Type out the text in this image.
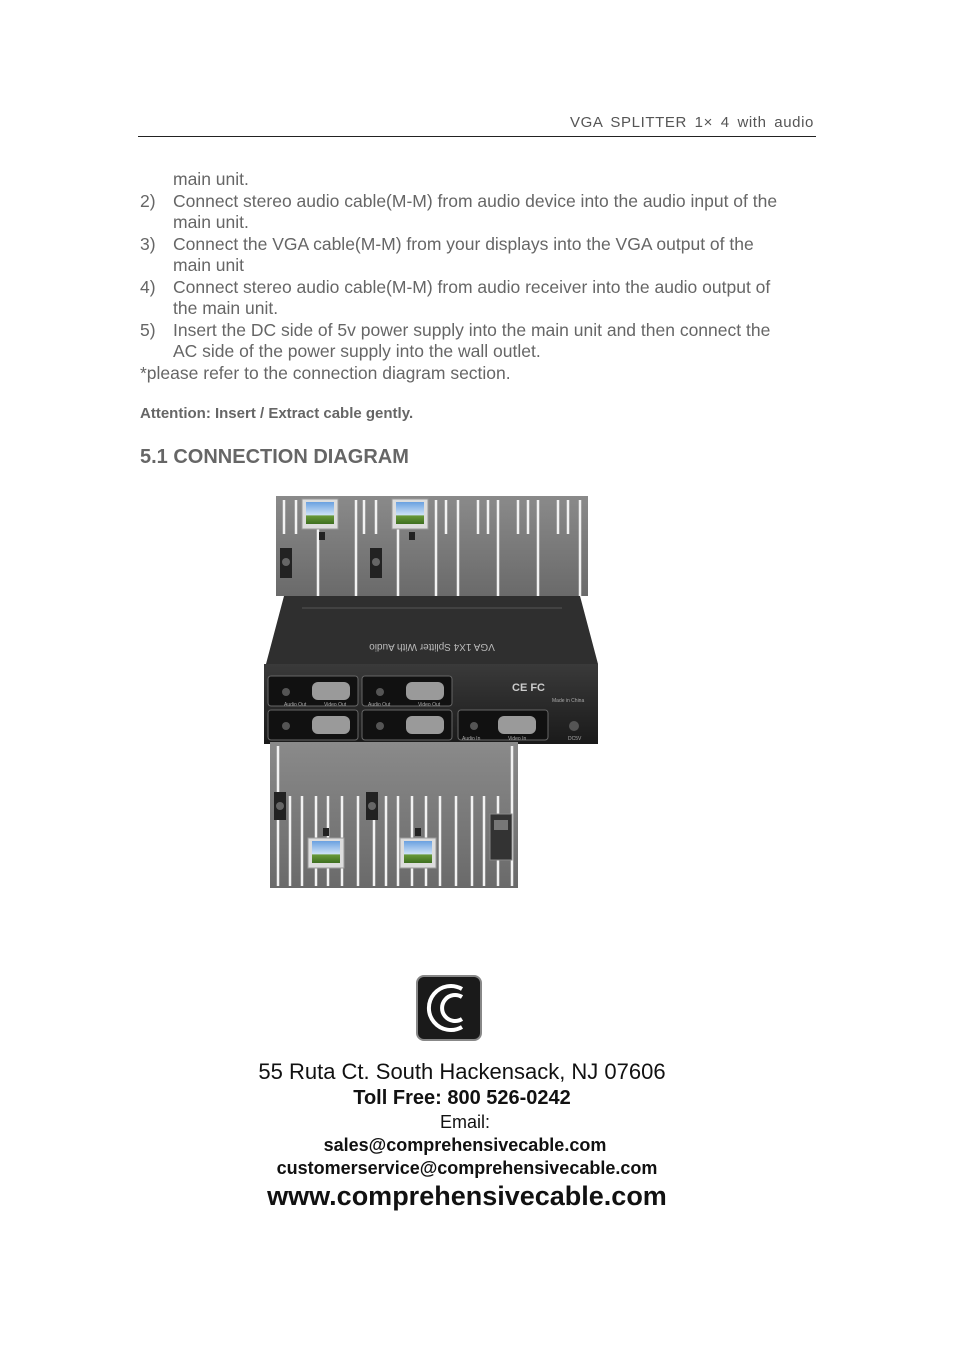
VGA SPLITTER 1× 4 with audio
main unit.
2) Connect stereo audio cable(M-M) from audio device into the audio input of the
main unit.
3) Connect the VGA cable(M-M) from your displays into the VGA output of the
main unit
4) Connect stereo audio cable(M-M) from audio receiver into the audio output of
the main unit.
5) Insert the DC side of 5v power supply into the main unit and then connect the
AC side of the power supply into the wall outlet.
*please refer to the connection diagram section.
Attention: Insert / Extract cable gently.
5.1 CONNECTION DIAGRAM
VGA 1X4 Splitter With Audio
CE FC
Audio Out	Video Out	Audio Out	Video Out
Audio In	Video In	DC5V
Made in China
55 Ruta Ct. South Hackensack, NJ 07606
Toll Free: 800 526-0242
Email:
sales@comprehensivecable.com
customerservice@comprehensivecable.com
www.comprehensivecable.com
